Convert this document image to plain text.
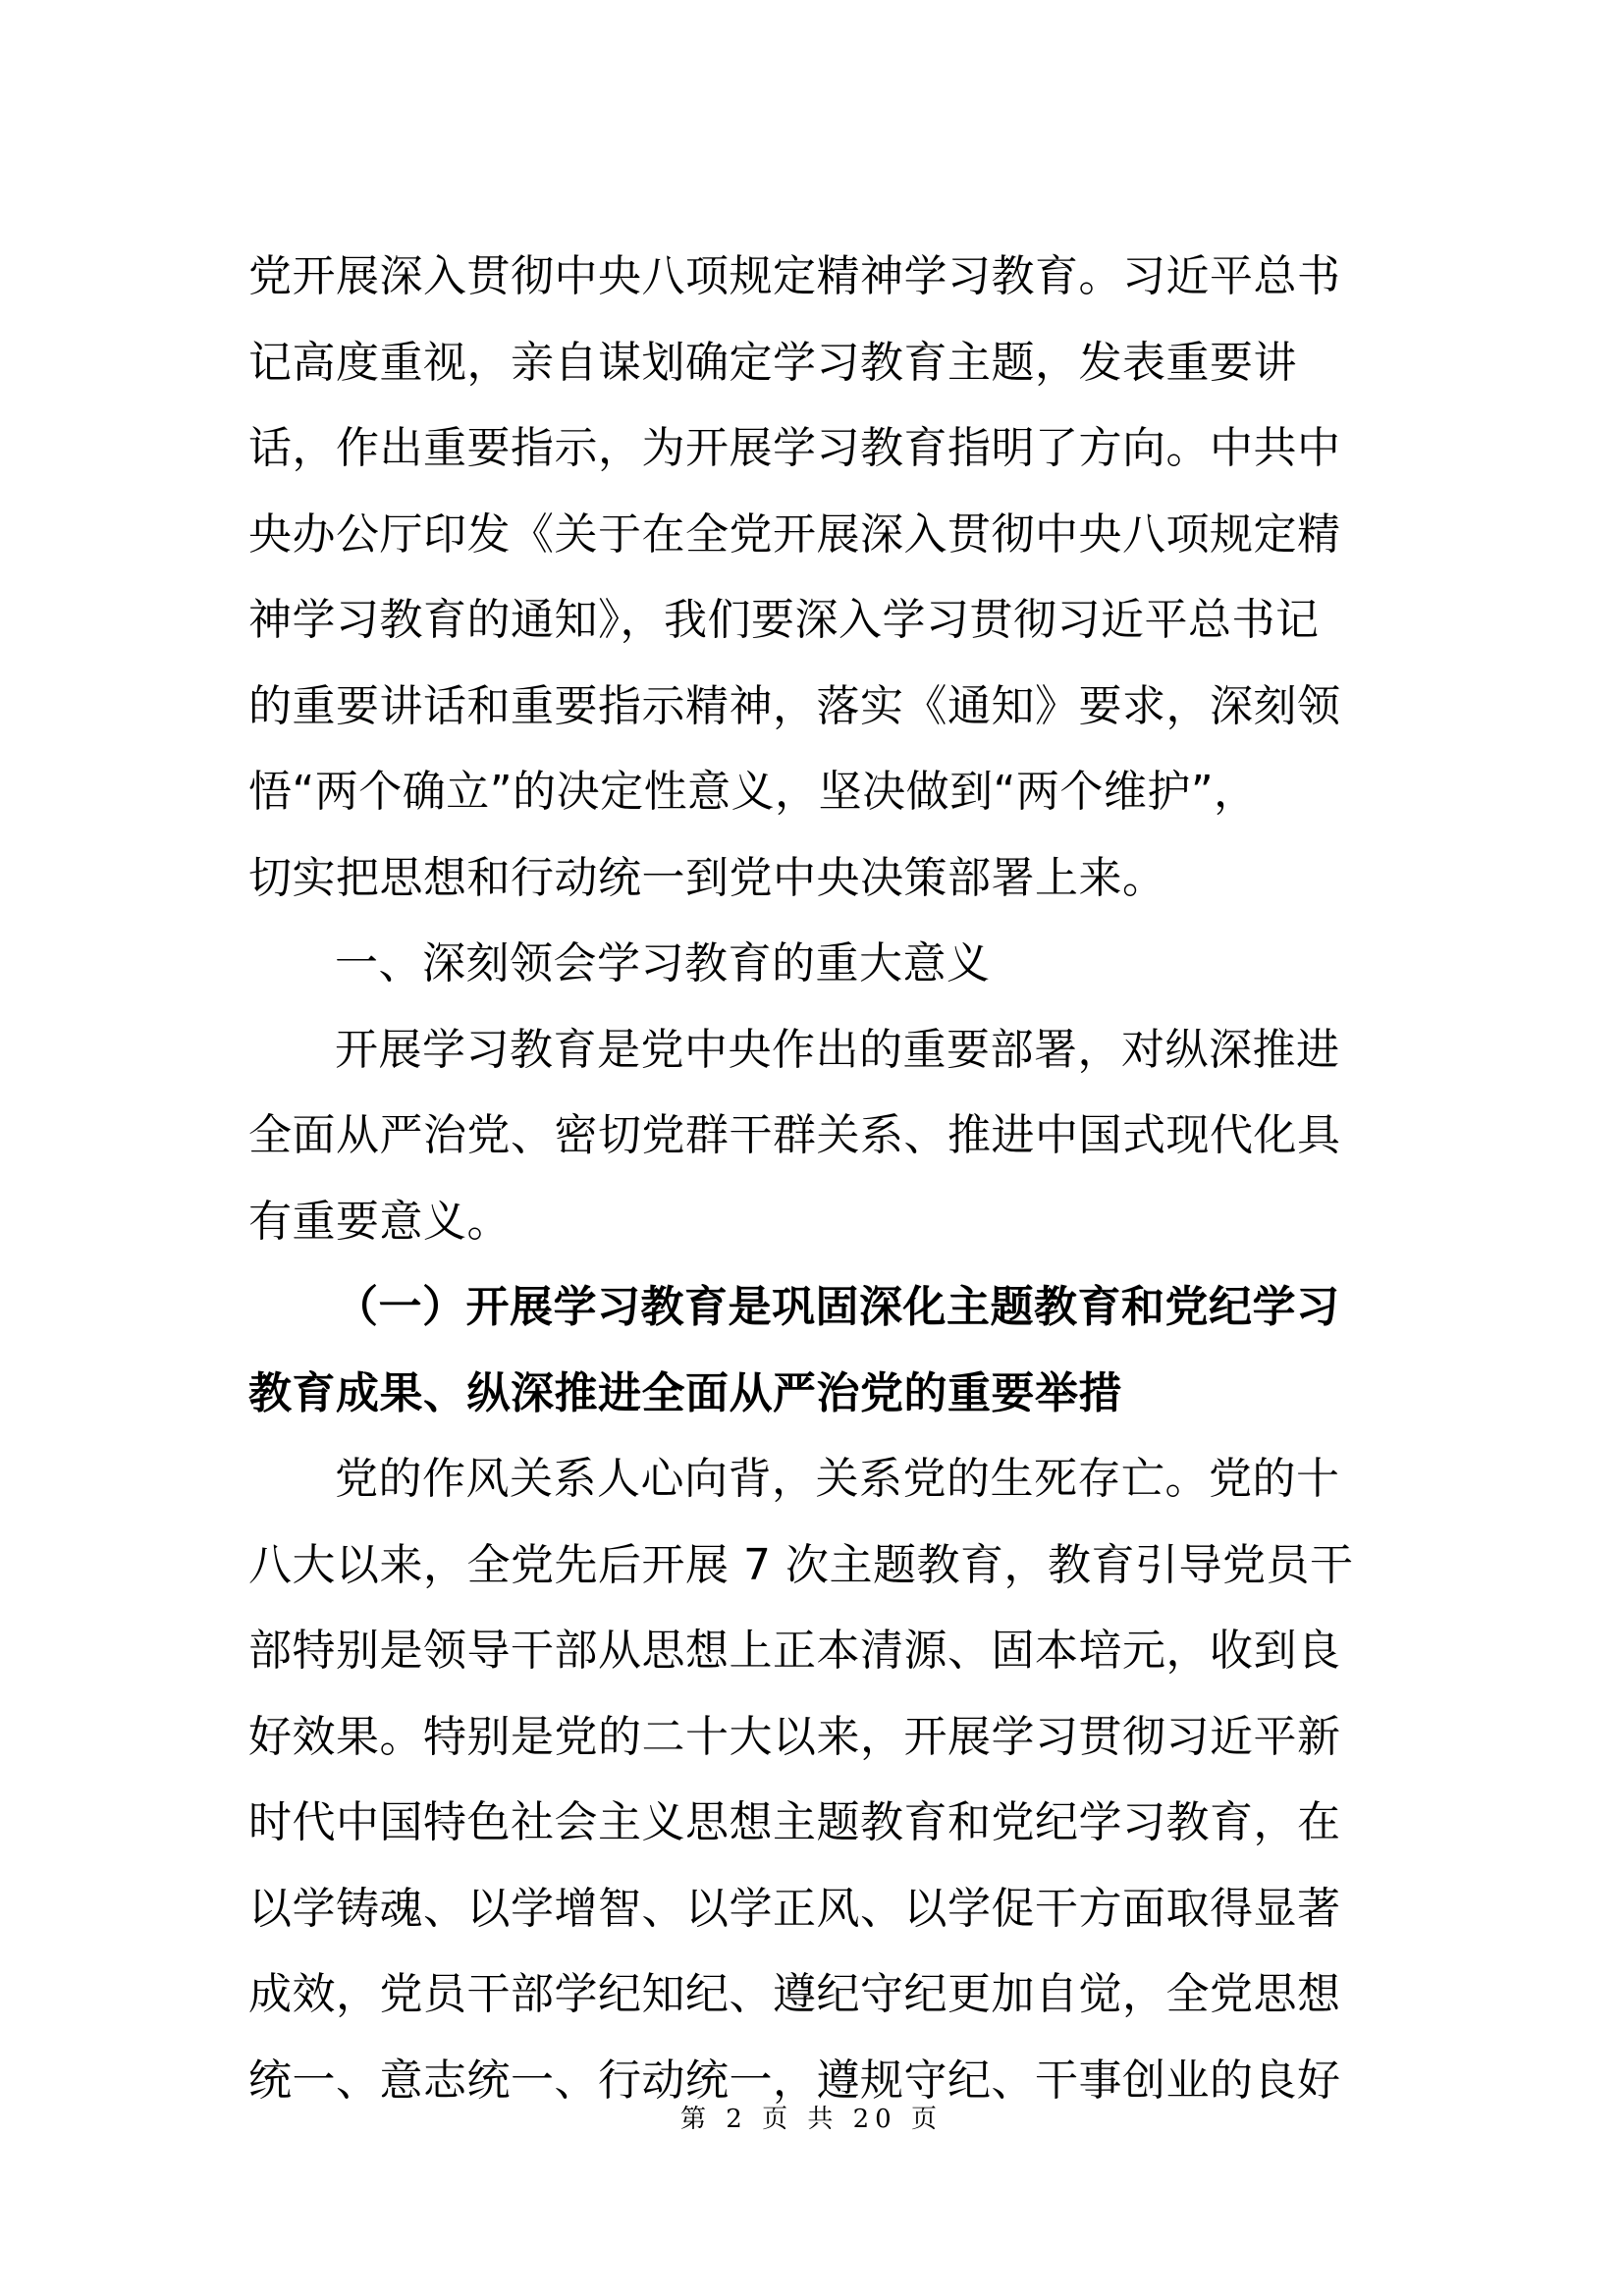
党开展深入贯彻中央八项规定精神学习教育。习近平总书
记高度重视，亲自谋划确定学习教育主题，发表重要讲
话，作出重要指示，为开展学习教育指明了方向。中共中
央办公厅印发《关于在全党开展深入贯彻中央八项规定精
神学习教育的通知》，我们要深入学习贯彻习近平总书记
的重要讲话和重要指示精神，落实《通知》要求，深刻领
悟“两个确立”的决定性意义，坚决做到“两个维护”，
切实把思想和行动统一到党中央决策部署上来。
一、深刻领会学习教育的重大意义
开展学习教育是党中央作出的重要部署，对纵深推进
全面从严治党、密切党群干群关系、推进中国式现代化具
有重要意义。
（一）开展学习教育是巩固深化主题教育和党纪学习
教育成果、纵深推进全面从严治党的重要举措
党的作风关系人心向背，关系党的生死存亡。党的十
八大以来，全党先后开展 7 次主题教育，教育引导党员干
部特别是领导干部从思想上正本清源、固本培元，收到良
好效果。特别是党的二十大以来，开展学习贯彻习近平新
时代中国特色社会主义思想主题教育和党纪学习教育，在
以学铸魂、以学增智、以学正风、以学促干方面取得显著
成效，党员干部学纪知纪、遵纪守纪更加自觉，全党思想
统一、意志统一、行动统一，遵规守纪、干事创业的良好
第 2 页 共 20 页
